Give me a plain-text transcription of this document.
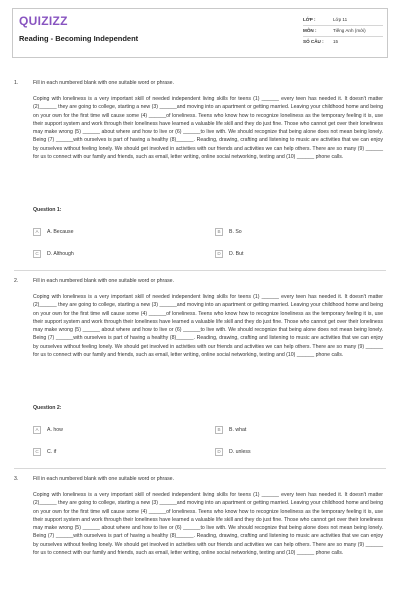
QUIZIZZ
Reading - Becoming Independent
LỚP :	Lớp 11
MÔN :	Tiếng Anh (mới)
SỐ CÂU : 15
1.	Fill in each numbered blank with one suitable word or phrase.
Coping with loneliness is a very important skill of needed independent living skills for teens (1) ______ every teen has needed it. It doesn't matter (2)______ they are going to college, starting a new (3) ______and moving into an apartment or getting married. Leaving your childhood home and being on your own for the first time will cause some (4) ______of loneliness. Teens who know how to recognize loneliness as the temporary feeling it is, use their support system and work through their loneliness have learned a valuable life skill and they do just fine. Those who cannot get over their loneliness may make wrong (5) ______ about where and how to live or (6) ______to live with. We should recognize that being alone does not mean being lonely. Being (7) ______with ourselves is part of having a healthy (8)______. Reading, drawing, crafting and listening to music are activities that we can enjoy by ourselves without feeling lonely. We should get involved in activities with our friends and activities we can help others. There are so many (9) ______ for us to connect with our family and friends, such as email, letter writing, online social networking, texting and (10) ______ phone calls.
Question 1:
A	A. Because	B	B. So
C	D. Although	D	D. But
2.	Fill in each numbered blank with one suitable word or phrase.
Coping with loneliness is a very important skill of needed independent living skills for teens (1) ______ every teen has needed it. It doesn't matter (2)______ they are going to college, starting a new (3) ______and moving into an apartment or getting married. Leaving your childhood home and being on your own for the first time will cause some (4) ______of loneliness. Teens who know how to recognize loneliness as the temporary feeling it is, use their support system and work through their loneliness have learned a valuable life skill and they do just fine. Those who cannot get over their loneliness may make wrong (5) ______ about where and how to live or (6) ______to live with. We should recognize that being alone does not mean being lonely. Being (7) ______with ourselves is part of having a healthy (8)______. Reading, drawing, crafting and listening to music are activities that we can enjoy by ourselves without feeling lonely. We should get involved in activities with our friends and activities we can help others. There are so many (9) ______ for us to connect with our family and friends, such as email, letter writing, online social networking, texting and (10) ______ phone calls.
Question 2:
A	A. how	B	B. what
C	C. if	D	D. unless
3.	Fill in each numbered blank with one suitable word or phrase.
Coping with loneliness is a very important skill of needed independent living skills for teens (1) ______ every teen has needed it. It doesn't matter (2)______ they are going to college, starting a new (3) ______and moving into an apartment or getting married. Leaving your childhood home and being on your own for the first time will cause some (4) ______of loneliness. Teens who know how to recognize loneliness as the temporary feeling it is, use their support system and work through their loneliness have learned a valuable life skill and they do just fine. Those who cannot get over their loneliness may make wrong (5) ______ about where and how to live or (6) ______to live with. We should recognize that being alone does not mean being lonely. Being (7) ______with ourselves is part of having a healthy (8)______. Reading, drawing, crafting and listening to music are activities that we can enjoy by ourselves without feeling lonely. We should get involved in activities with our friends and activities we can help others. There are so many (9) ______ for us to connect with our family and friends, such as email, letter writing, online social networking, texting and (10) ______ phone calls.
